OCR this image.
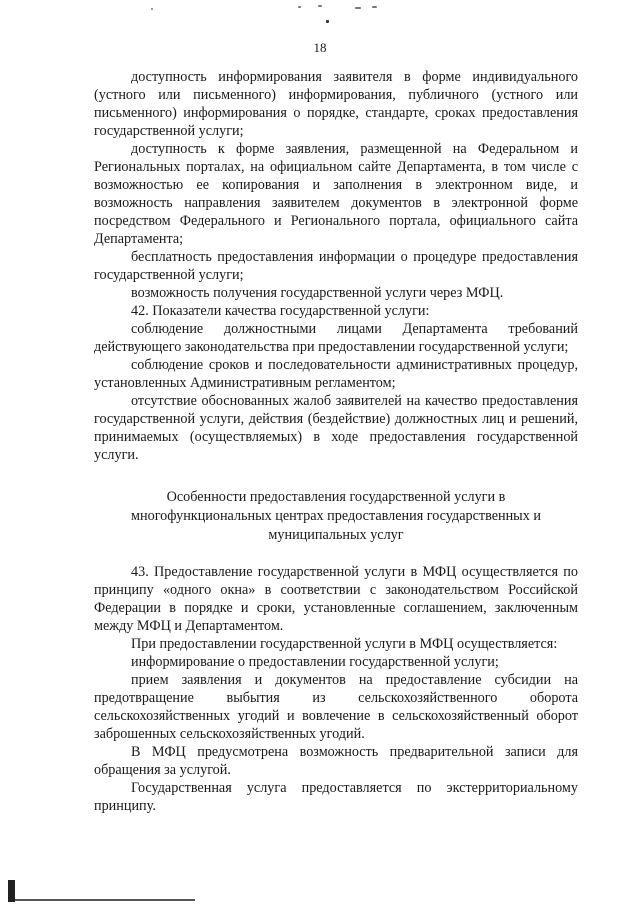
18

доступность информирования заявителя в форме индивидуального (устного или письменного) информирования, публичного (устного или письменного) информирования о порядке, стандарте, сроках предоставления государственной услуги;

доступность к форме заявления, размещенной на Федеральном и Региональных порталах, на официальном сайте Департамента, в том числе с возможностью ее копирования и заполнения в электронном виде, и возможность направления заявителем документов в электронной форме посредством Федерального и Регионального портала, официального сайта Департамента;

бесплатность предоставления информации о процедуре предоставления государственной услуги;

возможность получения государственной услуги через МФЦ.

42. Показатели качества государственной услуги:

соблюдение должностными лицами Департамента требований действующего законодательства при предоставлении государственной услуги;

соблюдение сроков и последовательности административных процедур, установленных Административным регламентом;

отсутствие обоснованных жалоб заявителей на качество предоставления государственной услуги, действия (бездействие) должностных лиц и решений, принимаемых (осуществляемых) в ходе предоставления государственной услуги.

Особенности предоставления государственной услуги в многофункциональных центрах предоставления государственных и муниципальных услуг

43. Предоставление государственной услуги в МФЦ осуществляется по принципу «одного окна» в соответствии с законодательством Российской Федерации в порядке и сроки, установленные соглашением, заключенным между МФЦ и Департаментом.

При предоставлении государственной услуги в МФЦ осуществляется:

информирование о предоставлении государственной услуги;

прием заявления и документов на предоставление субсидии на предотвращение выбытия из сельскохозяйственного оборота сельскохозяйственных угодий и вовлечение в сельскохозяйственный оборот заброшенных сельскохозяйственных угодий.

В МФЦ предусмотрена возможность предварительной записи для обращения за услугой.

Государственная услуга предоставляется по экстерриториальному принципу.
